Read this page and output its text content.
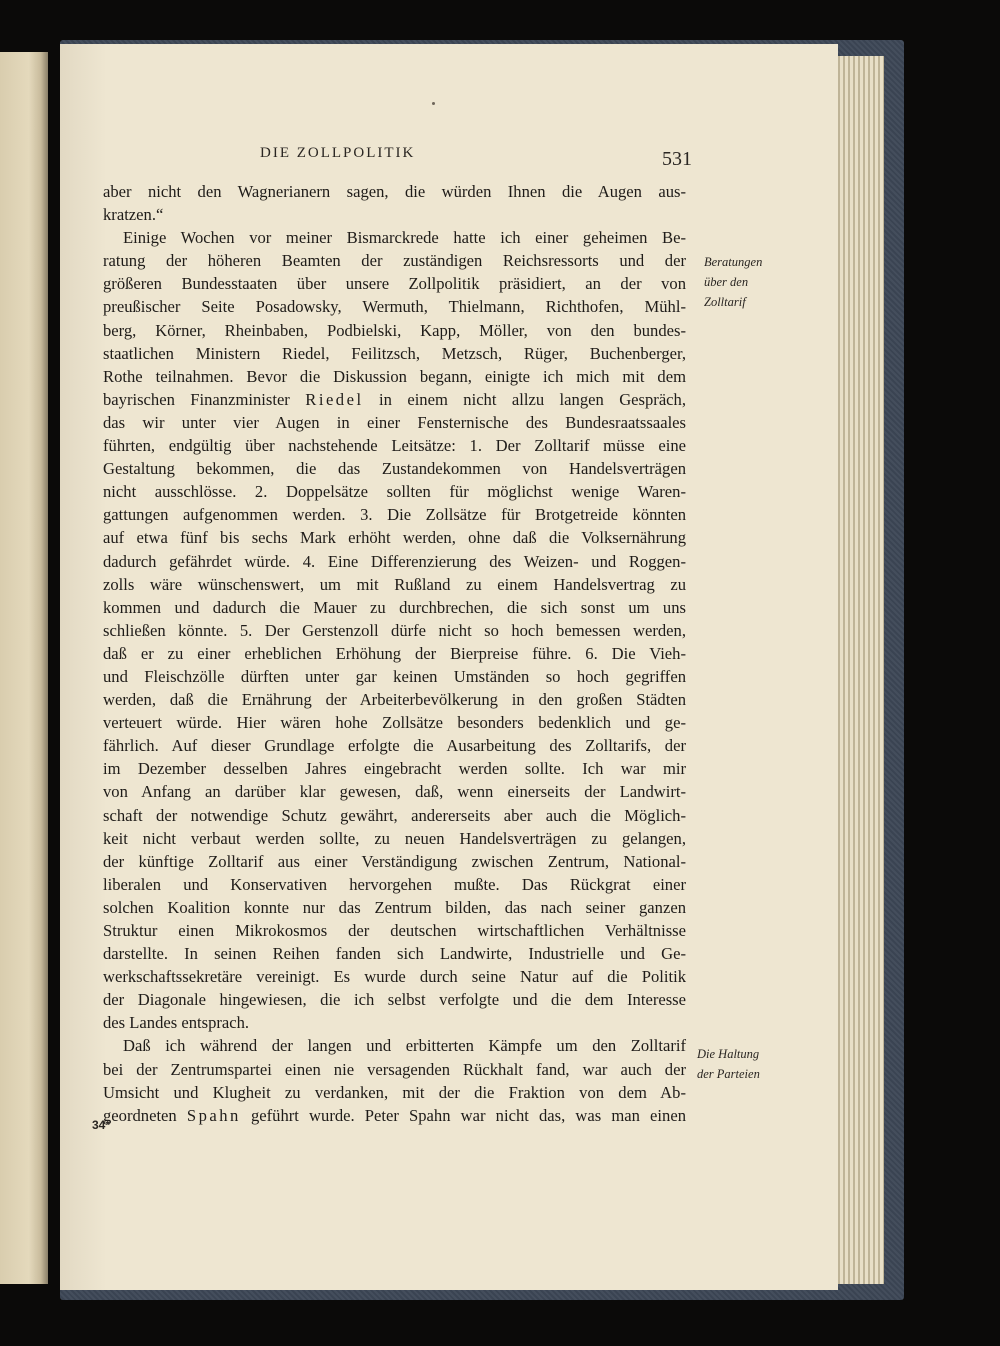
DIE ZOLLPOLITIK	531

aber nicht den Wagnerianern sagen, die würden Ihnen die Augen aus-
kratzen.“
Einige Wochen vor meiner Bismarckrede hatte ich einer geheimen Be-
ratung der höheren Beamten der zuständigen Reichsressorts und der
größeren Bundesstaaten über unsere Zollpolitik präsidiert, an der von
preußischer Seite Posadowsky, Wermuth, Thielmann, Richthofen, Mühl-
berg, Körner, Rheinbaben, Podbielski, Kapp, Möller, von den bundes-
staatlichen Ministern Riedel, Feilitzsch, Metzsch, Rüger, Buchenberger,
Rothe teilnahmen. Bevor die Diskussion begann, einigte ich mich mit dem
bayrischen Finanzminister Riedel in einem nicht allzu langen Gespräch,
das wir unter vier Augen in einer Fensternische des Bundesraatssaales
führten, endgültig über nachstehende Leitsätze: 1. Der Zolltarif müsse eine
Gestaltung bekommen, die das Zustandekommen von Handelsverträgen
nicht ausschlösse. 2. Doppelsätze sollten für möglichst wenige Waren-
gattungen aufgenommen werden. 3. Die Zollsätze für Brotgetreide könnten
auf etwa fünf bis sechs Mark erhöht werden, ohne daß die Volksernährung
dadurch gefährdet würde. 4. Eine Differenzierung des Weizen- und Roggen-
zolls wäre wünschenswert, um mit Rußland zu einem Handelsvertrag zu
kommen und dadurch die Mauer zu durchbrechen, die sich sonst um uns
schließen könnte. 5. Der Gerstenzoll dürfe nicht so hoch bemessen werden,
daß er zu einer erheblichen Erhöhung der Bierpreise führe. 6. Die Vieh-
und Fleischzölle dürften unter gar keinen Umständen so hoch gegriffen
werden, daß die Ernährung der Arbeiterbevölkerung in den großen Städten
verteuert würde. Hier wären hohe Zollsätze besonders bedenklich und ge-
fährlich. Auf dieser Grundlage erfolgte die Ausarbeitung des Zolltarifs, der
im Dezember desselben Jahres eingebracht werden sollte. Ich war mir
von Anfang an darüber klar gewesen, daß, wenn einerseits der Landwirt-
schaft der notwendige Schutz gewährt, andererseits aber auch die Möglich-
keit nicht verbaut werden sollte, zu neuen Handelsverträgen zu gelangen,
der künftige Zolltarif aus einer Verständigung zwischen Zentrum, National-
liberalen und Konservativen hervorgehen mußte. Das Rückgrat einer
solchen Koalition konnte nur das Zentrum bilden, das nach seiner ganzen
Struktur einen Mikrokosmos der deutschen wirtschaftlichen Verhältnisse
darstellte. In seinen Reihen fanden sich Landwirte, Industrielle und Ge-
werkschaftssekretäre vereinigt. Es wurde durch seine Natur auf die Politik
der Diagonale hingewiesen, die ich selbst verfolgte und die dem Interesse
des Landes entsprach.
Daß ich während der langen und erbitterten Kämpfe um den Zolltarif
bei der Zentrumspartei einen nie versagenden Rückhalt fand, war auch der
Umsicht und Klugheit zu verdanken, mit der die Fraktion von dem Ab-
geordneten Spahn geführt wurde. Peter Spahn war nicht das, was man einen

Beratungen
über den
Zolltarif
Die Haltung
der Parteien
34*
